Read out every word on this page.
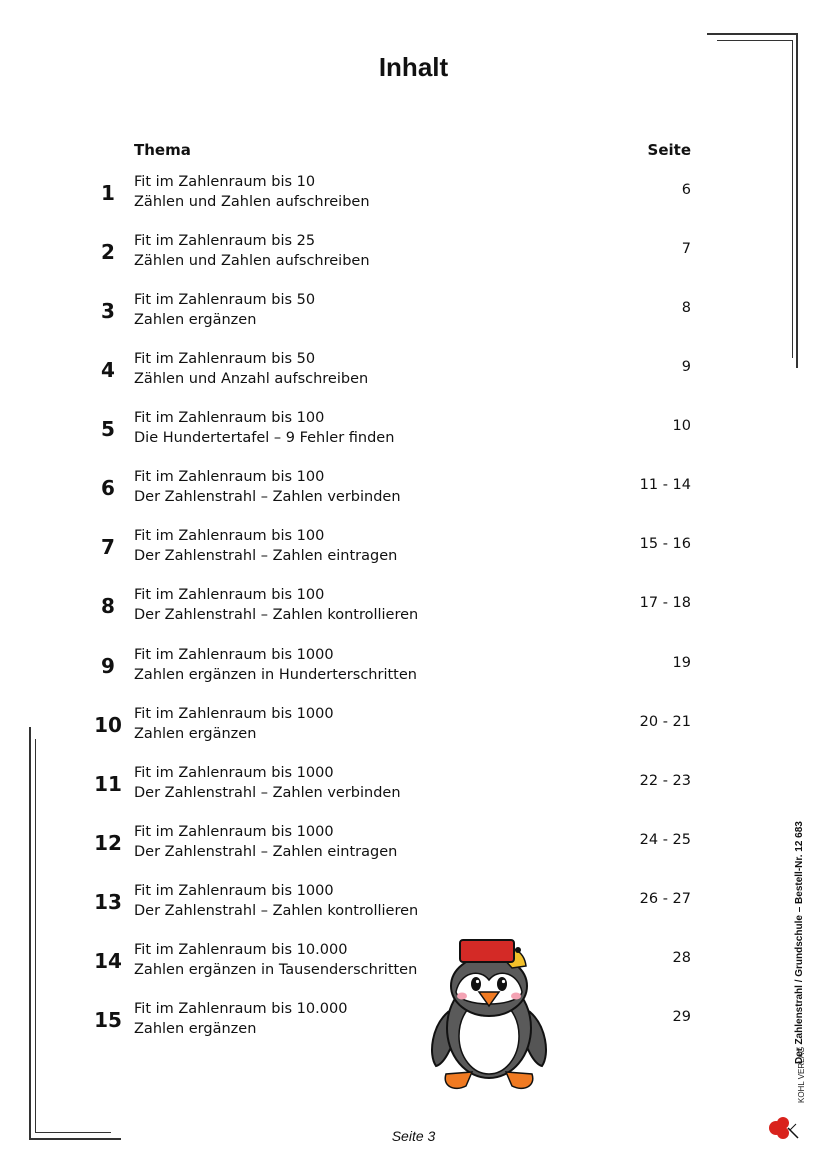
Inhalt
Thema	Seite
1	Fit im Zahlenraum bis 10
Zählen und Zahlen aufschreiben
6
2	Fit im Zahlenraum bis 25
Zählen und Zahlen aufschreiben
7
3	Fit im Zahlenraum bis 50
Zahlen ergänzen
8
4	Fit im Zahlenraum bis 50
Zählen und Anzahl aufschreiben
9
5	Fit im Zahlenraum bis 100
Die Hundertertafel – 9 Fehler finden
10
6	Fit im Zahlenraum bis 100
Der Zahlenstrahl – Zahlen verbinden
11 - 14
7	Fit im Zahlenraum bis 100
Der Zahlenstrahl – Zahlen eintragen
15 - 16
8	Fit im Zahlenraum bis 100
Der Zahlenstrahl – Zahlen kontrollieren
17 - 18
9	Fit im Zahlenraum bis 1000
Zahlen ergänzen in Hunderterschritten
19
10 Fit im Zahlenraum bis 1000
Zahlen ergänzen
20 - 21
11 Fit im Zahlenraum bis 1000
Der Zahlenstrahl – Zahlen verbinden
22 - 23
12 Fit im Zahlenraum bis 1000
Der Zahlenstrahl – Zahlen eintragen
24 - 25
13 Fit im Zahlenraum bis 1000
Der Zahlenstrahl – Zahlen kontrollieren
26 - 27
14 Fit im Zahlenraum bis 10.000
Zahlen ergänzen in Tausenderschritten
28
15 Fit im Zahlenraum bis 10.000
Zahlen ergänzen
29
Seite 3
Der Zahlenstrahl / Grundschule – Bestell-Nr. 12 683
KOHL VERLAG
